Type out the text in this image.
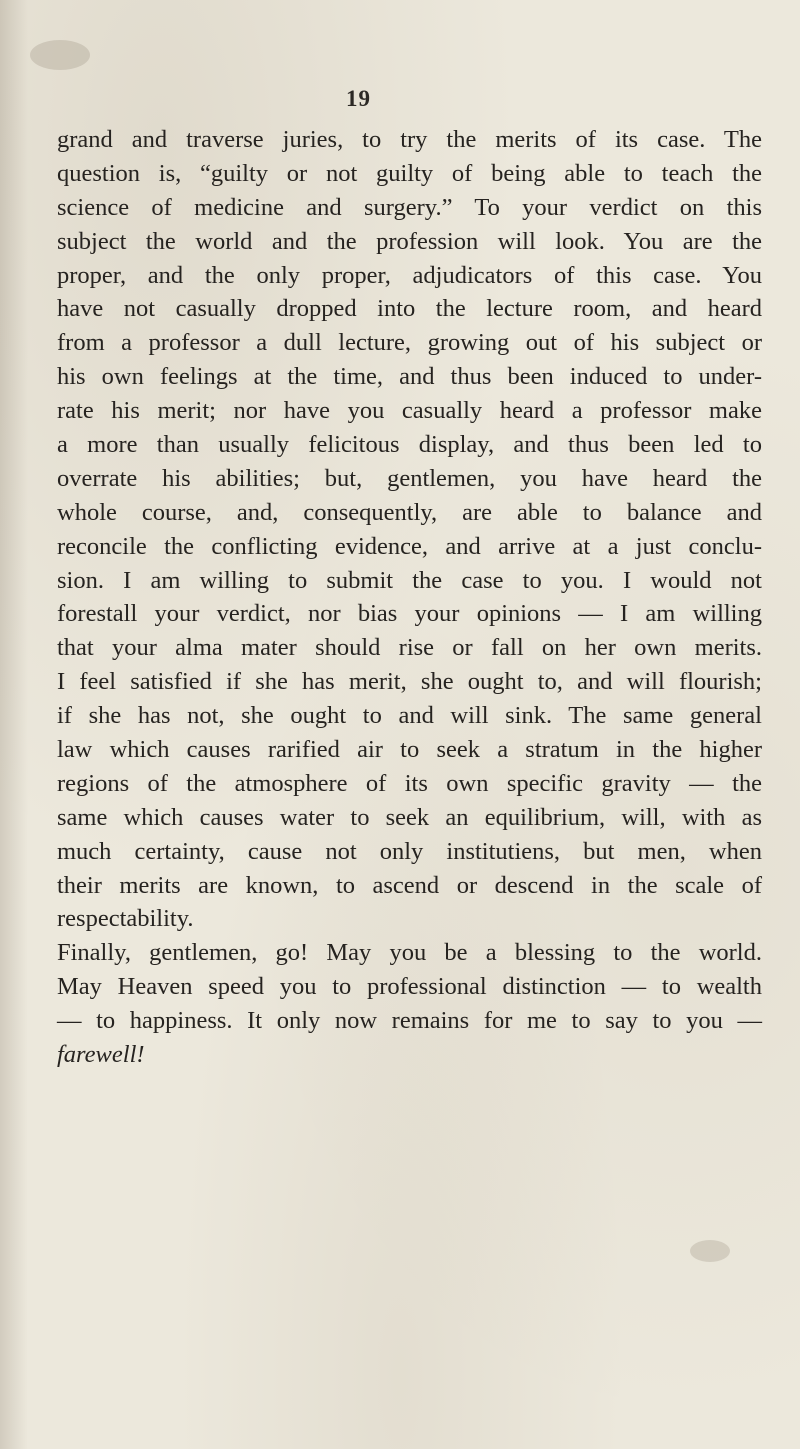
19
grand and traverse juries, to try the merits of its case. The
question is, “guilty or not guilty of being able to teach the
science of medicine and surgery.” To your verdict on this
subject the world and the profession will look. You are the
proper, and the only proper, adjudicators of this case. You
have not casually dropped into the lecture room, and heard
from a professor a dull lecture, growing out of his subject or
his own feelings at the time, and thus been induced to under-
rate his merit; nor have you casually heard a professor make
a more than usually felicitous display, and thus been led to
overrate his abilities; but, gentlemen, you have heard the
whole course, and, consequently, are able to balance and
reconcile the conflicting evidence, and arrive at a just conclu-
sion. I am willing to submit the case to you. I would not
forestall your verdict, nor bias your opinions — I am willing
that your alma mater should rise or fall on her own merits.
I feel satisfied if she has merit, she ought to, and will flourish;
if she has not, she ought to and will sink. The same general
law which causes rarified air to seek a stratum in the higher
regions of the atmosphere of its own specific gravity — the
same which causes water to seek an equilibrium, will, with as
much certainty, cause not only institutiens, but men, when
their merits are known, to ascend or descend in the scale of
respectability.
Finally, gentlemen, go! May you be a blessing to the world.
May Heaven speed you to professional distinction — to wealth
— to happiness. It only now remains for me to say to you —
farewell!
